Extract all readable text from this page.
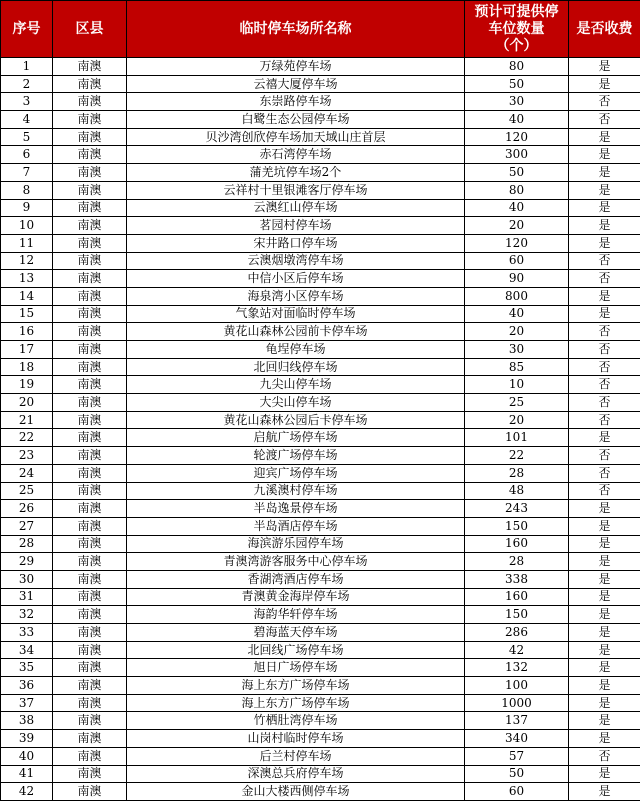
序号	区县	临时停车场所名称	预计可提供停车位数量（个）	是否收费
1	南澳	万绿苑停车场	80	是
2	南澳	云禧大厦停车场	50	是
3	南澳	东崇路停车场	30	否
4	南澳	白鹭生态公园停车场	40	否
5	南澳	贝沙湾创欣停车场加天域山庄首层	120	是
6	南澳	赤石湾停车场	300	是
7	南澳	蒲羌坑停车场2个	50	是
8	南澳	云祥村十里银滩客厅停车场	80	是
9	南澳	云澳红山停车场	40	是
10	南澳	茗园村停车场	20	是
11	南澳	宋井路口停车场	120	是
12	南澳	云澳烟墩湾停车场	60	否
13	南澳	中信小区后停车场	90	否
14	南澳	海泉湾小区停车场	800	是
15	南澳	气象站对面临时停车场	40	是
16	南澳	黄花山森林公园前卡停车场	20	否
17	南澳	龟埕停车场	30	否
18	南澳	北回归线停车场	85	否
19	南澳	九尖山停车场	10	否
20	南澳	大尖山停车场	25	否
21	南澳	黄花山森林公园后卡停车场	20	否
22	南澳	启航广场停车场	101	是
23	南澳	轮渡广场停车场	22	否
24	南澳	迎宾广场停车场	28	否
25	南澳	九溪澳村停车场	48	否
26	南澳	半岛逸景停车场	243	是
27	南澳	半岛酒店停车场	150	是
28	南澳	海滨游乐园停车场	160	是
29	南澳	青澳湾游客服务中心停车场	28	是
30	南澳	香湖湾酒店停车场	338	是
31	南澳	青澳黄金海岸停车场	160	是
32	南澳	海韵华轩停车场	150	是
33	南澳	碧海蓝天停车场	286	是
34	南澳	北回线广场停车场	42	是
35	南澳	旭日广场停车场	132	是
36	南澳	海上东方广场停车场	100	是
37	南澳	海上东方广场停车场	1000	是
38	南澳	竹栖肚湾停车场	137	是
39	南澳	山岗村临时停车场	340	是
40	南澳	后兰村停车场	57	否
41	南澳	深澳总兵府停车场	50	是
42	南澳	金山大楼西侧停车场	60	是
